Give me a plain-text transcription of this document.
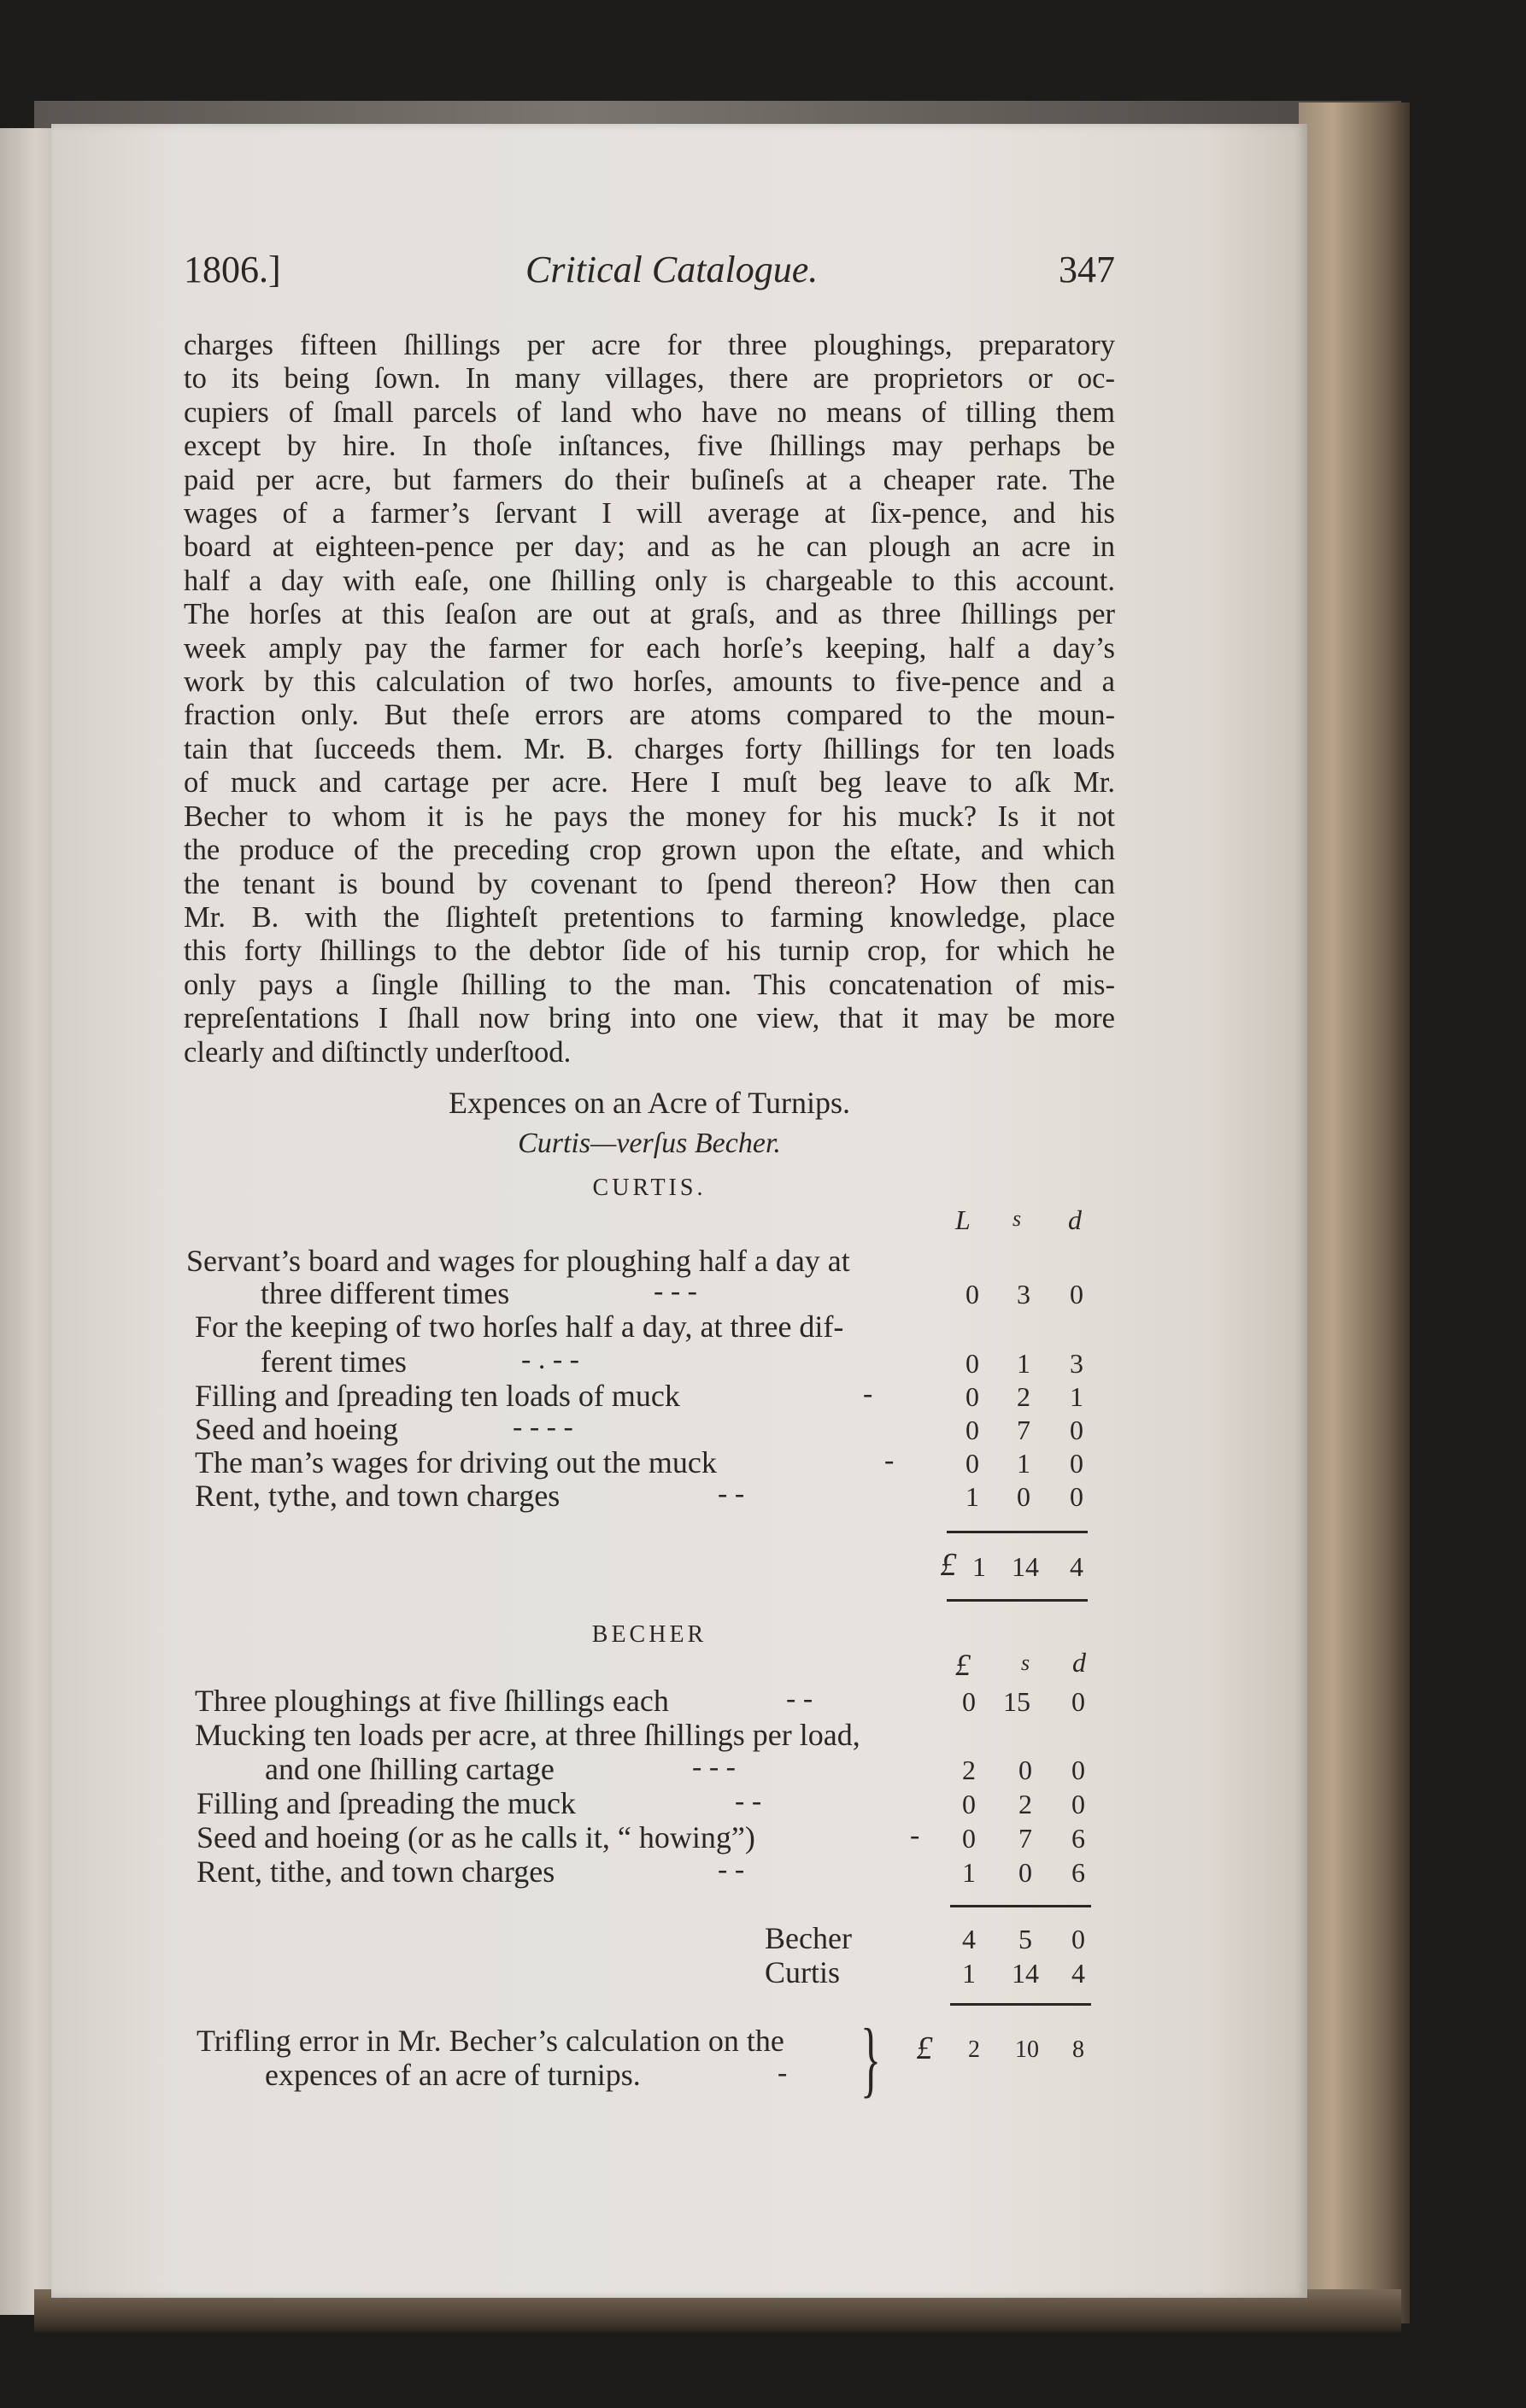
1806.]	Critical Catalogue.	347
charges fifteen ſhillings per acre for three ploughings, preparatory
to its being ſown. In many villages, there are proprietors or oc-
cupiers of ſmall parcels of land who have no means of tilling them
except by hire. In thoſe inſtances, five ſhillings may perhaps be
paid per acre, but farmers do their buſineſs at a cheaper rate. The
wages of a farmer’s ſervant I will average at ſix-pence, and his
board at eighteen-pence per day; and as he can plough an acre in
half a day with eaſe, one ſhilling only is chargeable to this account.
The horſes at this ſeaſon are out at graſs, and as three ſhillings per
week amply pay the farmer for each horſe’s keeping, half a day’s
work by this calculation of two horſes, amounts to five-pence and a
fraction only. But theſe errors are atoms compared to the moun-
tain that ſucceeds them. Mr. B. charges forty ſhillings for ten loads
of muck and cartage per acre. Here I muſt beg leave to aſk Mr.
Becher to whom it is he pays the money for his muck? Is it not
the produce of the preceding crop grown upon the eſtate, and which
the tenant is bound by covenant to ſpend thereon? How then can
Mr. B. with the ſlighteſt pretentions to farming knowledge, place
this forty ſhillings to the debtor ſide of his turnip crop, for which he
only pays a ſingle ſhilling to the man. This concatenation of mis-
repreſentations I ſhall now bring into one view, that it may be more
clearly and diſtinctly underſtood.
Expences on an Acre of Turnips.
Curtis—verſus Becher.
CURTIS.
L s d
Servant’s board and wages for ploughing half a day at
three different times	- - -	0	3	0
For the keeping of two horſes half a day, at three dif-
ferent times	- . - -	0	1	3
Filling and ſpreading ten loads of muck	-	0	2	1
Seed and hoeing	- - - -	0	7	0
The man’s wages for driving out the muck	-	0	1	0
Rent, tythe, and town charges	- -	1	0	0
£ 1 14	4
BECHER
£ s d
Three ploughings at five ſhillings each	- -	0	15	0
Mucking ten loads per acre, at three ſhillings per load,
and one ſhilling cartage	- - -	2	0	0
Filling and ſpreading the muck	- -	0	2	0
Seed and hoeing (or as he calls it, “ howing”)	-	0	7	6
Rent, tithe, and town charges	- -	1	0	6
Becher	4	5	0
Curtis	1	14	4
Trifling error in Mr. Becher’s calculation on the
expences of an acre of turnips.	- }	£	2	10	8
